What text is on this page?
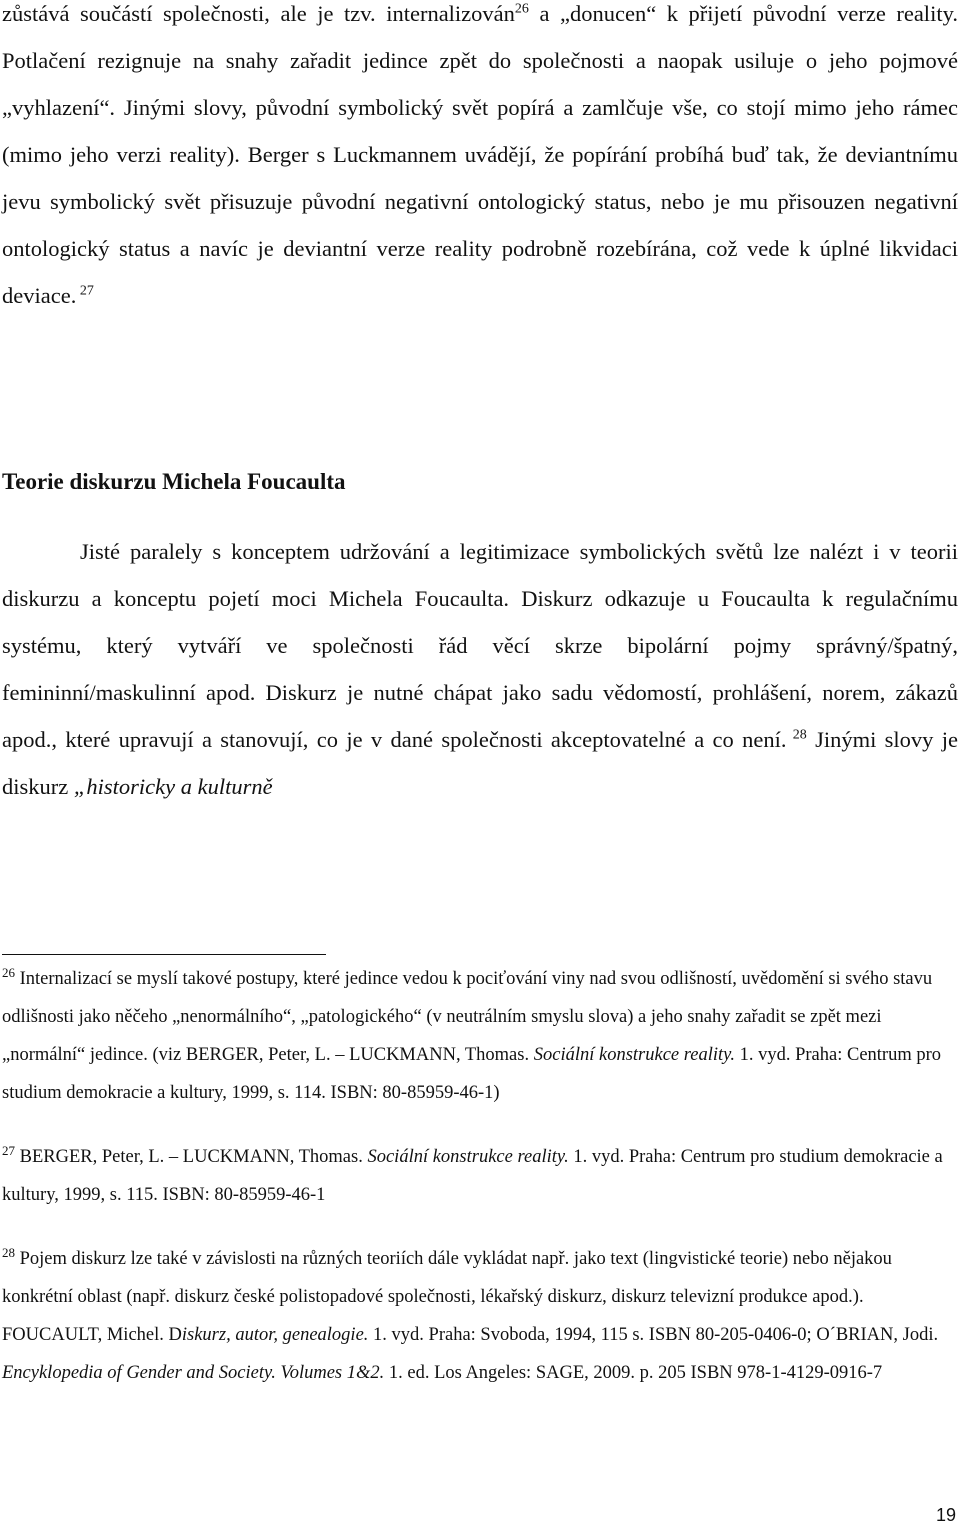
zůstává součástí společnosti, ale je tzv. internalizován$^{26}$ a „donucen“ k přijetí původní verze reality. Potlačení rezignuje na snahy zařadit jedince zpět do společnosti a naopak usiluje o jeho pojmové „vyhlazení“. Jinými slovy, původní symbolický svět popírá a zamlčuje vše, co stojí mimo jeho rámec (mimo jeho verzi reality). Berger s Luckmannem uvádějí, že popírání probíhá buď tak, že deviantnímu jevu symbolický svět přisuzuje původní negativní ontologický status, nebo je mu přisouzen negativní ontologický status a navíc je deviantní verze reality podrobně rozebírána, což vede k úplné likvidaci deviace. $^{27}$

Teorie diskurzu Michela Foucaulta

Jisté paralely s konceptem udržování a legitimizace symbolických světů lze nalézt i v teorii diskurzu a konceptu pojetí moci Michela Foucaulta. Diskurz odkazuje u Foucaulta k regulačnímu systému, který vytváří ve společnosti řád věcí skrze bipolární pojmy správný/špatný, femininní/maskulinní apod. Diskurz je nutné chápat jako sadu vědomostí, prohlášení, norem, zákazů apod., které upravují a stanovují, co je v dané společnosti akceptovatelné a co není. $^{28}$ Jinými slovy je diskurz „historicky a kulturně

$^{26}$ Internalizací se myslí takové postupy, které jedince vedou k pociťování viny nad svou odlišností, uvědomění si svého stavu odlišnosti jako něčeho „nenormálního“, „patologického“ (v neutrálním smyslu slova) a jeho snahy zařadit se zpět mezi „normální“ jedince. (viz BERGER, Peter, L. – LUCKMANN, Thomas. Sociální konstrukce reality. 1. vyd. Praha: Centrum pro studium demokracie a kultury, 1999, s. 114. ISBN: 80-85959-46-1)

$^{27}$ BERGER, Peter, L. – LUCKMANN, Thomas. Sociální konstrukce reality. 1. vyd. Praha: Centrum pro studium demokracie a kultury, 1999, s. 115. ISBN: 80-85959-46-1

$^{28}$ Pojem diskurz lze také v závislosti na různých teoriích dále vykládat např. jako text (lingvistické teorie) nebo nějakou konkrétní oblast (např. diskurz české polistopadové společnosti, lékařský diskurz, diskurz televizní produkce apod.). FOUCAULT, Michel. Diskurz, autor, genealogie. 1. vyd. Praha: Svoboda, 1994, 115 s. ISBN 80-205-0406-0; O´BRIAN, Jodi. Encyklopedia of Gender and Society. Volumes 1&2. 1. ed. Los Angeles: SAGE, 2009. p. 205 ISBN 978-1-4129-0916-7

19
